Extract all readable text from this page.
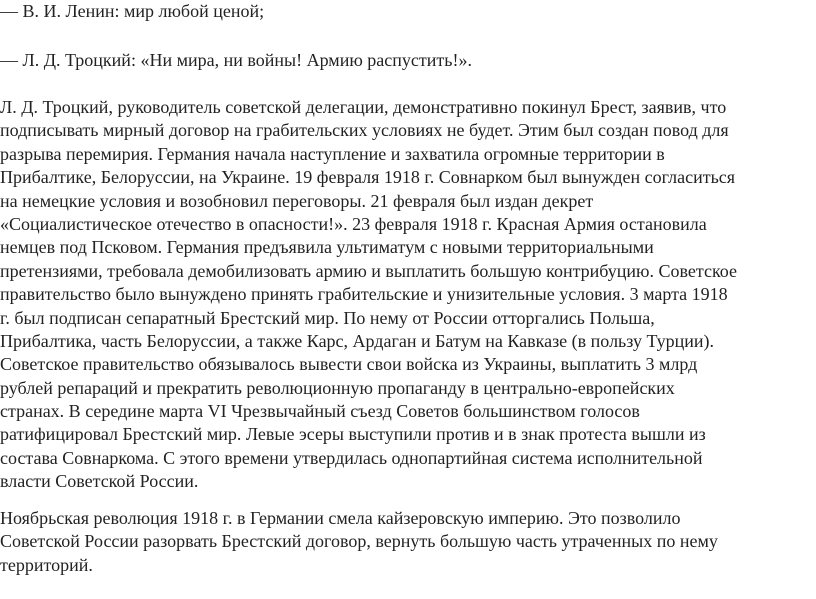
— В. И. Ленин: мир любой ценой;

— Л. Д. Троцкий: «Ни мира, ни войны! Армию распустить!».

Л. Д. Троцкий, руководитель советской делегации, демонстративно покинул Брест, заявив, что
подписывать мирный договор на грабительских условиях не будет. Этим был создан повод для
разрыва перемирия. Германия начала наступление и захватила огромные территории в
Прибалтике, Белоруссии, на Украине. 19 февраля 1918 г. Совнарком был вынужден согласиться
на немецкие условия и возобновил переговоры. 21 февраля был издан декрет
«Социалистическое отечество в опасности!». 23 февраля 1918 г. Красная Армия остановила
немцев под Псковом. Германия предъявила ультиматум с новыми территориальными
претензиями, требовала демобилизовать армию и выплатить большую контрибуцию. Советское
правительство было вынуждено принять грабительские и унизительные условия. 3 марта 1918
г. был подписан сепаратный Брестский мир. По нему от России отторгались Польша,
Прибалтика, часть Белоруссии, а также Карс, Ардаган и Батум на Кавказе (в пользу Турции).
Советское правительство обязывалось вывести свои войска из Украины, выплатить 3 млрд
рублей репараций и прекратить революционную пропаганду в центрально-европейских
странах. В середине марта VI Чрезвычайный съезд Советов большинством голосов
ратифицировал Брестский мир. Левые эсеры выступили против и в знак протеста вышли из
состава Совнаркома. С этого времени утвердилась однопартийная система исполнительной
власти Советской России.
Ноябрьская революция 1918 г. в Германии смела кайзеровскую империю. Это позволило
Советской России разорвать Брестский договор, вернуть большую часть утраченных по нему
территорий.
